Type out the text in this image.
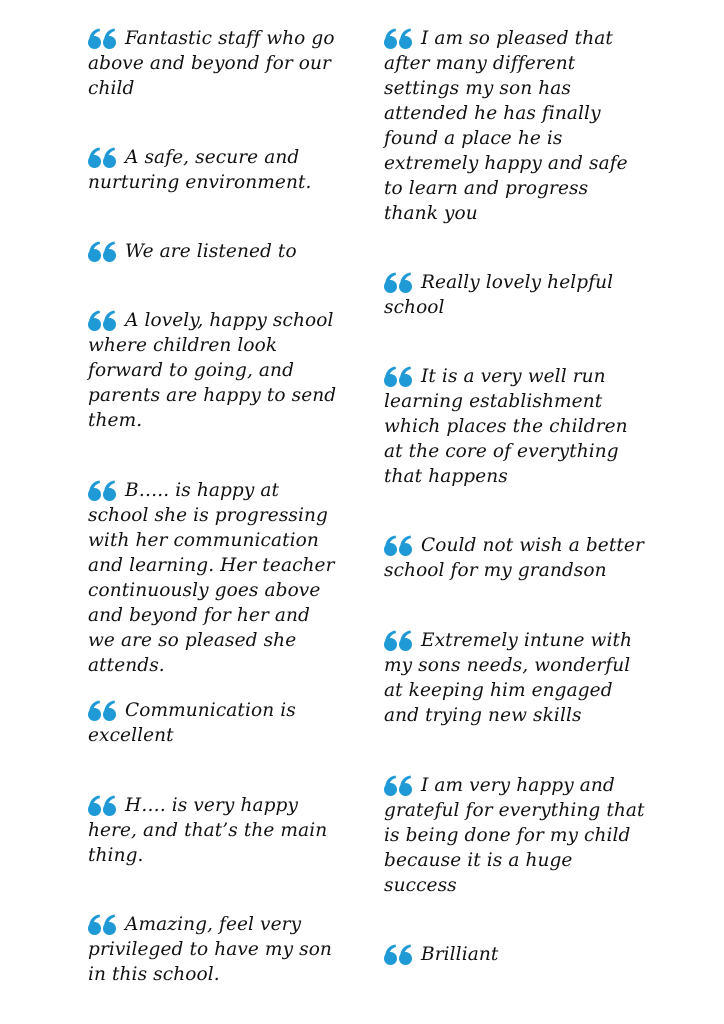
Fantastic staff who go above and beyond for our child
A safe, secure and nurturing environment.
We are listened to
A lovely, happy school where children look forward to going, and parents are happy to send them.
B….. is happy at school she is progressing with her communication and learning. Her teacher continuously goes above and beyond for her and we are so pleased she attends.
Communication is excellent
H…. is very happy here, and that’s the main thing.
Amazing, feel very privileged to have my son in this school.
I am so pleased that after many different settings my son has attended he has finally found a place he is extremely happy and safe to learn and progress thank you
Really lovely helpful school
It is a very well run learning establishment which places the children at the core of everything that happens
Could not wish a better school for my grandson
Extremely intune with my sons needs, wonderful at keeping him engaged and trying new skills
I am very happy and grateful for everything that is being done for my child because it is a huge success
Brilliant
